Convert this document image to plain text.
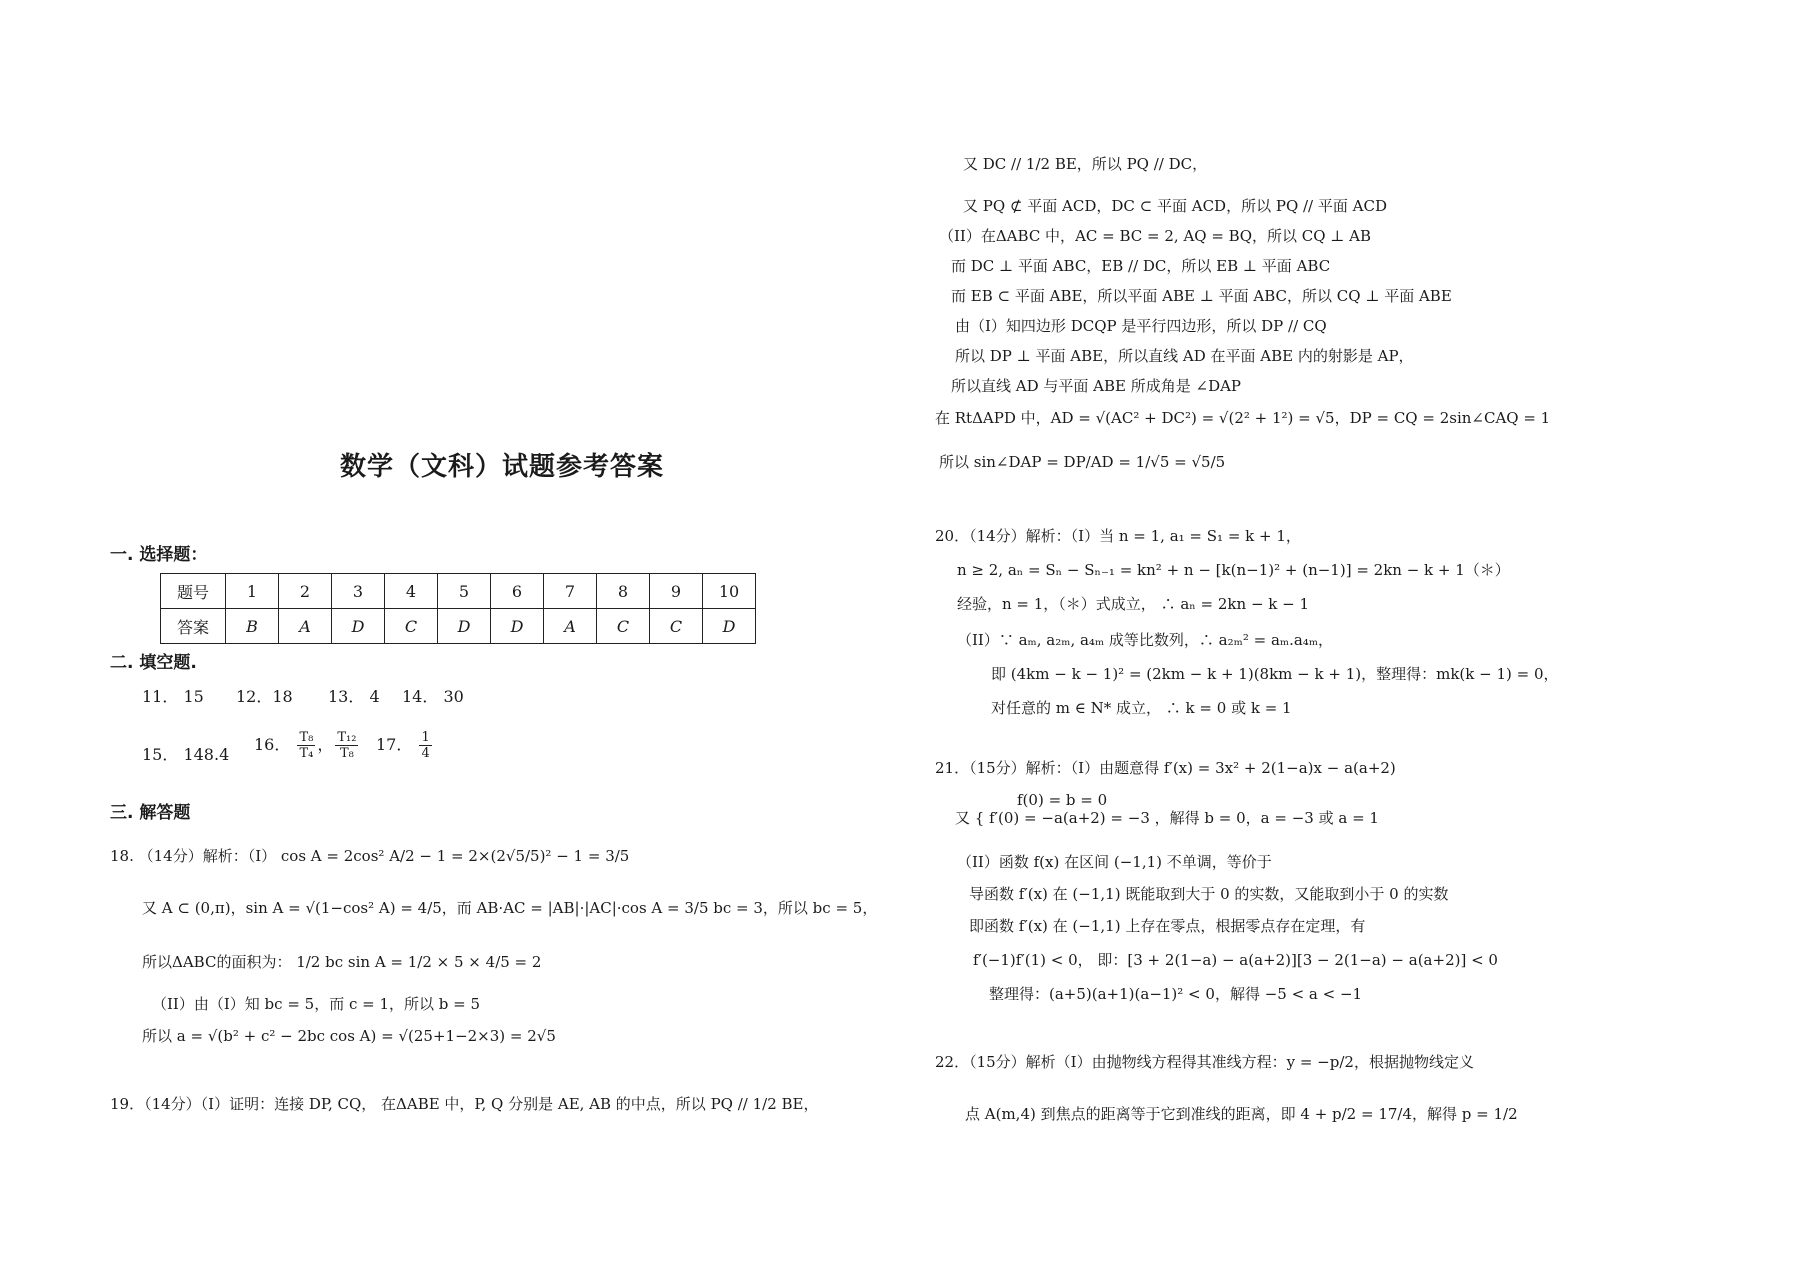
数学（文科）试题参考答案
一. 选择题：
题号	1	2	3	4	5	6	7	8	9	10
答案	B	A	D	C	D	D	A	C	C	D
二. 填空题.
11． 15 12．18 13． 4 14． 30
15． 148.4
16． $\frac{\text{T₈}}{\text{T₄}}$ ， $\frac{\text{T₁₂}}{\text{T₈}} 17$． $\frac{1}{4}$
三. 解答题
18. （14分）解析：（I） cos A = 2cos² A/2 − 1 = 2×(2√5/5)² − 1 = 3/5
又 A ⊂ (0,π)，sin A = √(1−cos² A) = 4/5，而 AB·AC = |AB|·|AC|·cos A = 3/5 bc = 3，所以 bc = 5，
所以ΔABC的面积为： 1/2 bc sin A = 1/2 × 5 × 4/5 = 2
（II）由（I）知 bc = 5，而 c = 1，所以 b = 5
所以 a = √(b² + c² − 2bc cos A) = √(25+1−2×3) = 2√5
19．（14分）（I）证明：连接 DP, CQ， 在ΔABE 中，P, Q 分别是 AE, AB 的中点，所以 PQ // 1/2 BE，
又 DC // 1/2 BE，所以 PQ // DC，
又 PQ ⊄ 平面 ACD，DC ⊂ 平面 ACD，所以 PQ // 平面 ACD
（II）在ΔABC 中，AC = BC = 2, AQ = BQ，所以 CQ ⊥ AB
而 DC ⊥ 平面 ABC，EB // DC，所以 EB ⊥ 平面 ABC
而 EB ⊂ 平面 ABE，所以平面 ABE ⊥ 平面 ABC，所以 CQ ⊥ 平面 ABE
由（I）知四边形 DCQP 是平行四边形，所以 DP // CQ
所以 DP ⊥ 平面 ABE，所以直线 AD 在平面 ABE 内的射影是 AP，
所以直线 AD 与平面 ABE 所成角是 ∠DAP
在 RtΔAPD 中，AD = √(AC² + DC²) = √(2² + 1²) = √5，DP = CQ = 2sin∠CAQ = 1
所以 sin∠DAP = DP/AD = 1/√5 = √5/5
20．（14分）解析：（I）当 n = 1, a₁ = S₁ = k + 1，
n ≥ 2, aₙ = Sₙ − Sₙ₋₁ = kn² + n − [k(n−1)² + (n−1)] = 2kn − k + 1（＊）
经验，n = 1，（＊）式成立， ∴ aₙ = 2kn − k − 1
（II）∵ aₘ, a₂ₘ, a₄ₘ 成等比数列，∴ a₂ₘ² = aₘ.a₄ₘ，
即 (4km − k − 1)² = (2km − k + 1)(8km − k + 1)，整理得：mk(k − 1) = 0，
对任意的 m ∈ N* 成立， ∴ k = 0 或 k = 1
21．（15分）解析：（I）由题意得 f′(x) = 3x² + 2(1−a)x − a(a+2)
f(0) = b = 0
又 { f′(0) = −a(a+2) = −3 ，解得 b = 0，a = −3 或 a = 1
（II）函数 f(x) 在区间 (−1,1) 不单调，等价于
导函数 f′(x) 在 (−1,1) 既能取到大于 0 的实数，又能取到小于 0 的实数
即函数 f′(x) 在 (−1,1) 上存在零点，根据零点存在定理，有
f′(−1)f′(1) < 0， 即：[3 + 2(1−a) − a(a+2)][3 − 2(1−a) − a(a+2)] < 0
整理得：(a+5)(a+1)(a−1)² < 0，解得 −5 < a < −1
22．（15分）解析（I）由抛物线方程得其准线方程：y = −p/2，根据抛物线定义
点 A(m,4) 到焦点的距离等于它到准线的距离，即 4 + p/2 = 17/4，解得 p = 1/2
